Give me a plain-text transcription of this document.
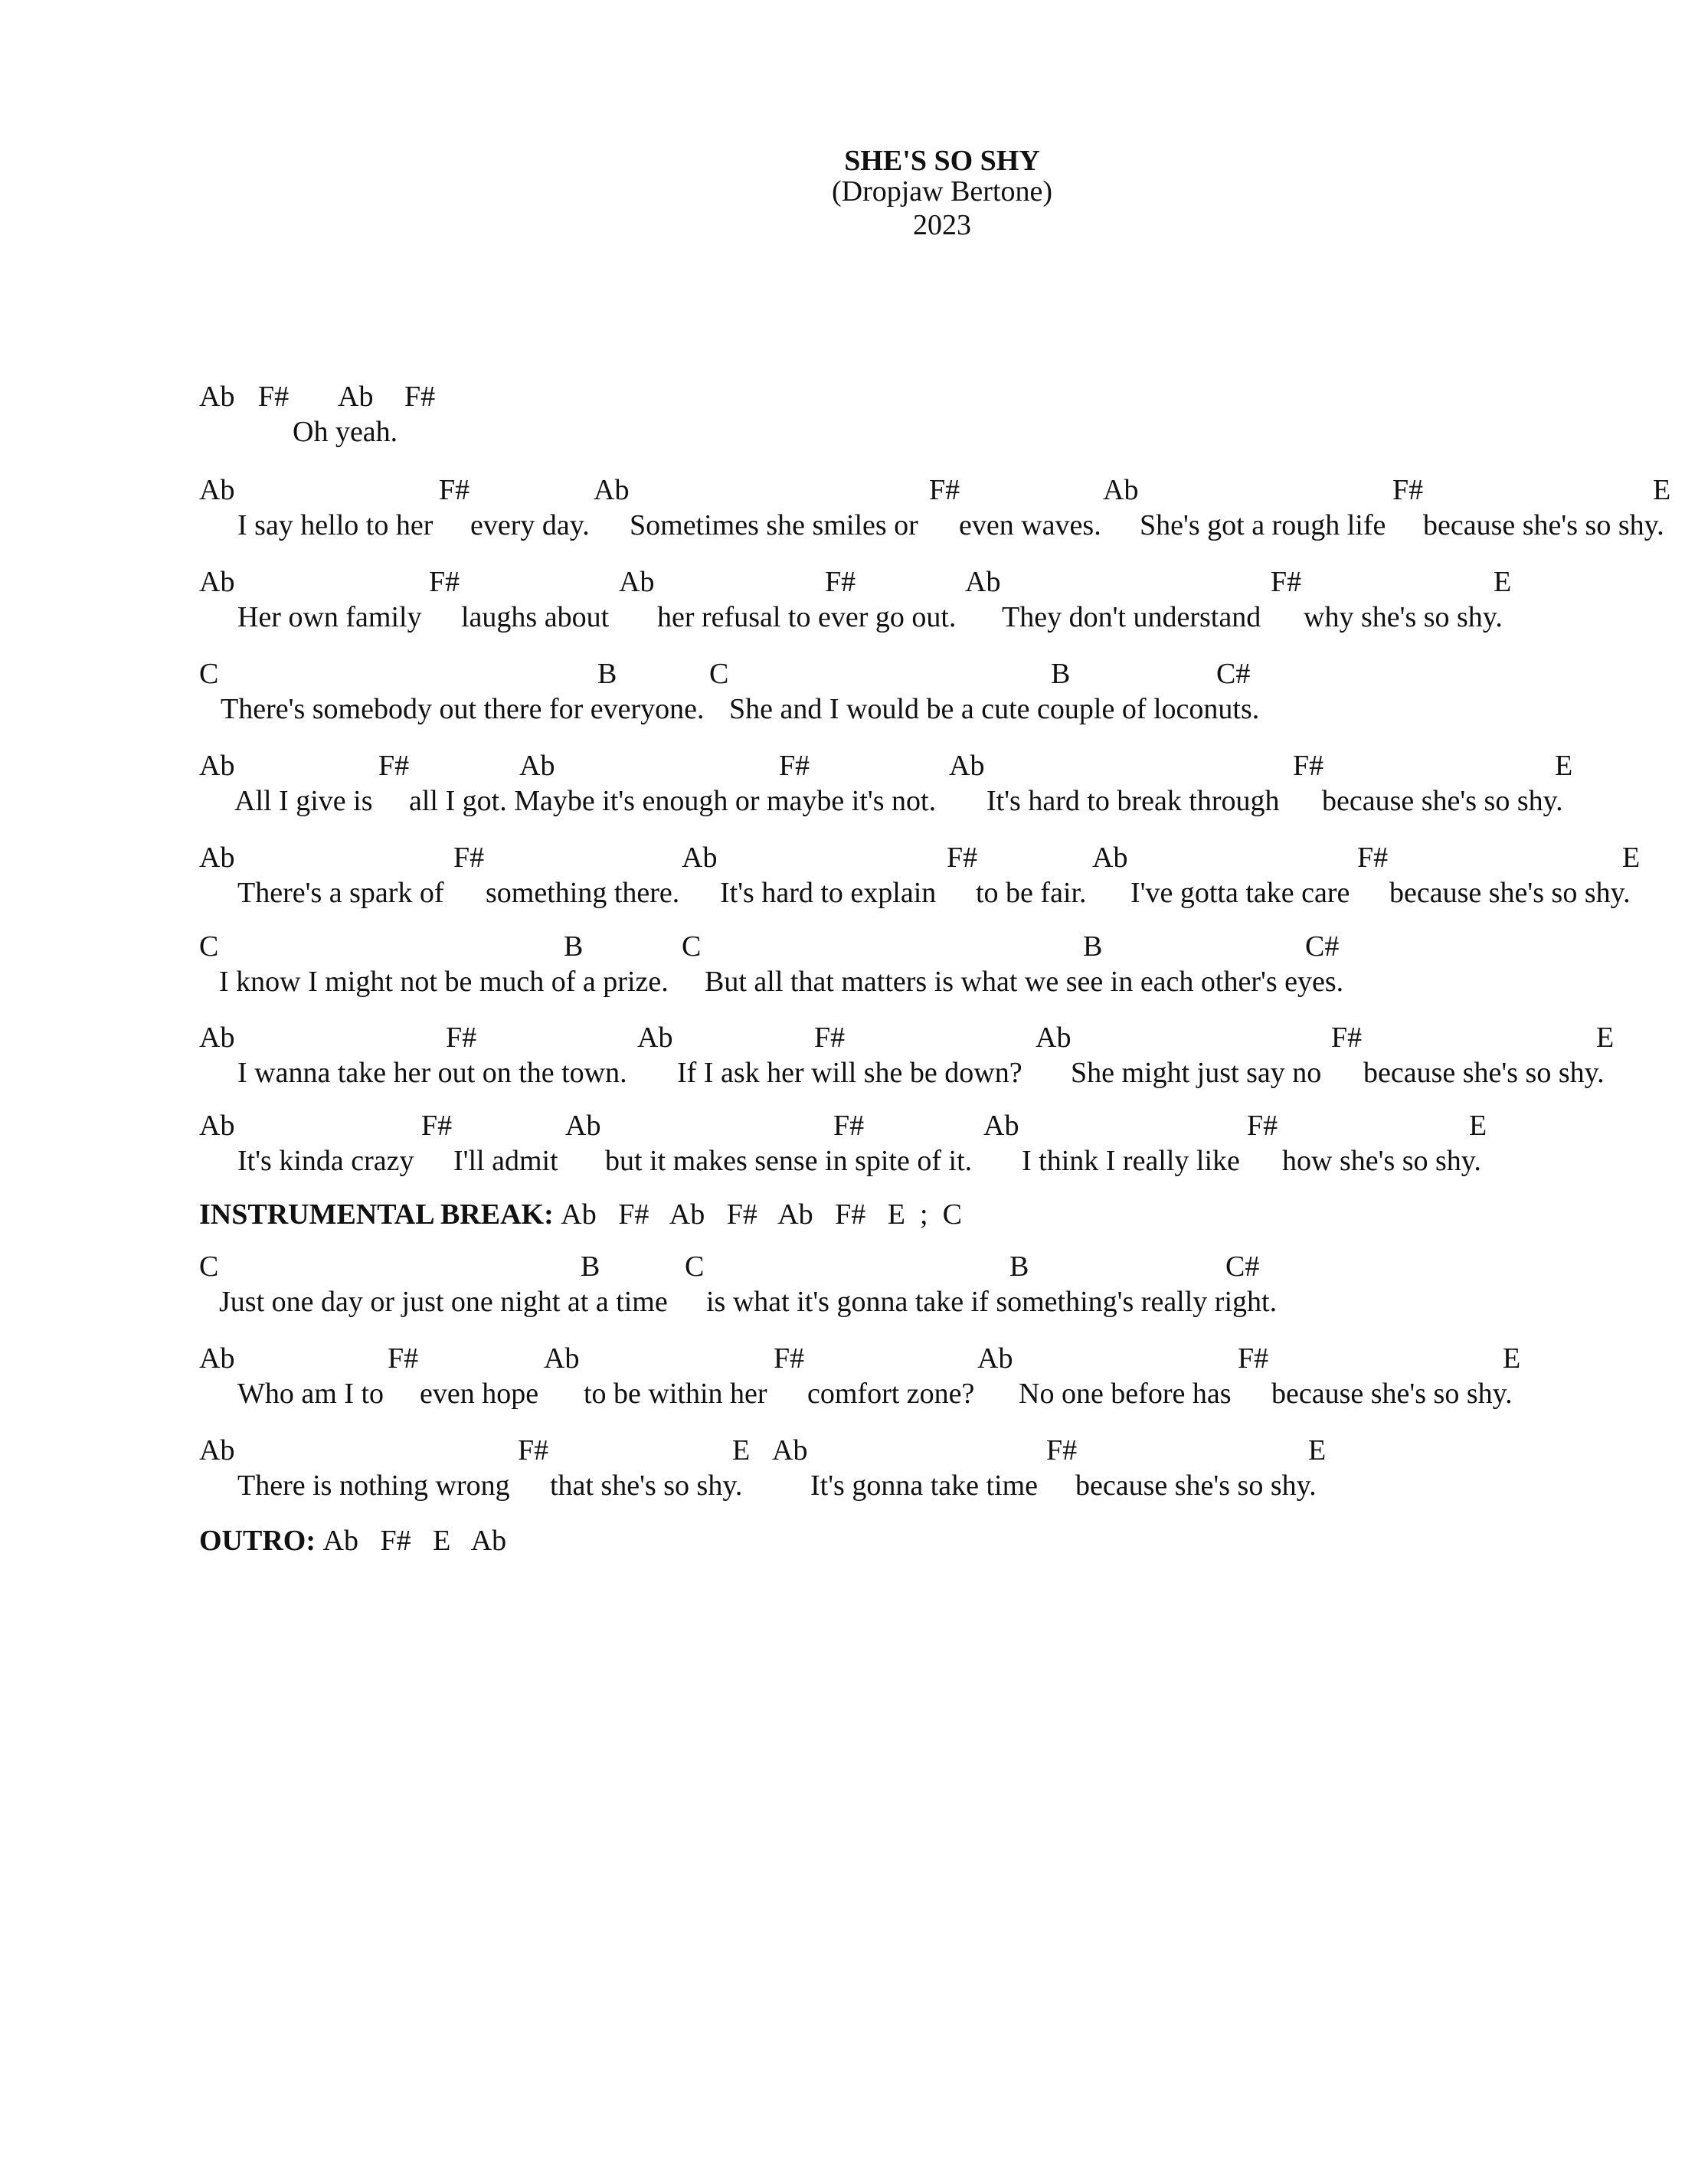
SHE'S SO SHY
(Dropjaw Bertone)
2023
Ab F# Ab F#
Oh yeah.
Ab	F#	Ab	F#	Ab	F#	E
I say hello to her every day. Sometimes she smiles or even waves. She's got a rough life because she's so shy.
Ab	F#	Ab	F#	Ab	F#	E
Her own family laughs about her refusal to ever go out. They don't understand why she's so shy.
C	B	C	B	C#
There's somebody out there for everyone. She and I would be a cute couple of loconuts.
Ab	F#	Ab	F#	Ab	F#	E
All I give is all I got. Maybe it's enough or maybe it's not. It's hard to break through because she's so shy.
Ab	F#	Ab	F#	Ab	F#	E
There's a spark of something there. It's hard to explain to be fair. I've gotta take care because she's so shy.
C	B	C	B	C#
I know I might not be much of a prize. But all that matters is what we see in each other's eyes.
Ab	F#	Ab	F#	Ab	F#	E
I wanna take her out on the town. If I ask her will she be down? She might just say no because she's so shy.
Ab	F#	Ab	F#	Ab	F#	E
It's kinda crazy I'll admit but it makes sense in spite of it. I think I really like how she's so shy.
INSTRUMENTAL BREAK: Ab   F#   Ab   F#   Ab   F#   E  ;  C
C	B	C	B	C#
Just one day or just one night at a time is what it's gonna take if something's really right.
Ab	F#	Ab	F#	Ab	F#	E
Who am I to even hope to be within her comfort zone? No one before has because she's so shy.
Ab	F#	E Ab	F#	E
There is nothing wrong that she's so shy. It's gonna take time because she's so shy.
OUTRO: Ab   F#   E   Ab
